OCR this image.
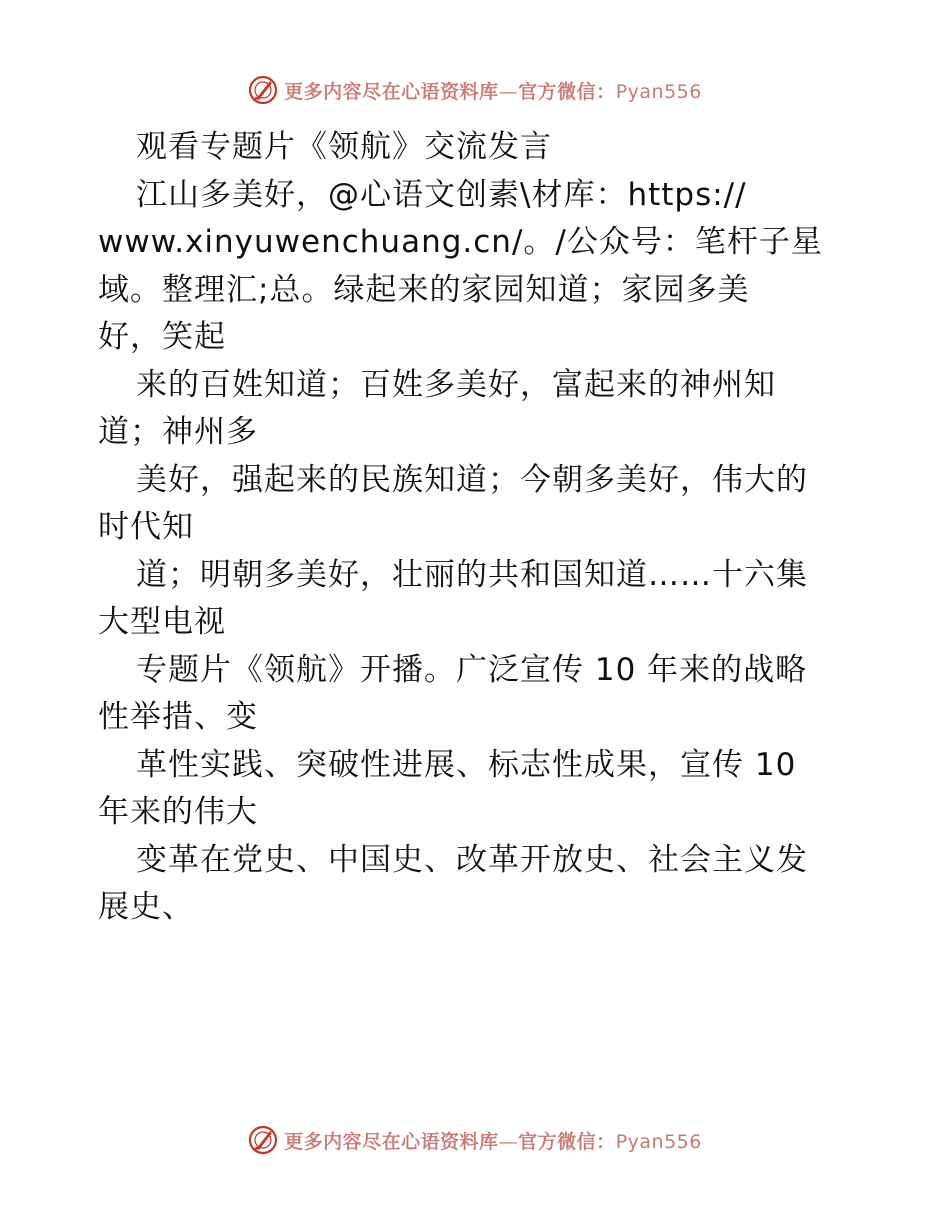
更多内容尽在心语资料库—官方微信：Pyan556
观看专题片《领航》交流发言
江山多美好，@心语文创素\材库：https://
www.xinyuwenchuang.cn/。/公众号：笔杆子星
域。整理汇;总。绿起来的家园知道；家园多美
好，笑起
来的百姓知道；百姓多美好，富起来的神州知
道；神州多
美好，强起来的民族知道；今朝多美好，伟大的
时代知
道；明朝多美好，壮丽的共和国知道……十六集
大型电视
专题片《领航》开播。广泛宣传 10 年来的战略
性举措、变
革性实践、突破性进展、标志性成果，宣传 10
年来的伟大
变革在党史、中国史、改革开放史、社会主义发
展史、
更多内容尽在心语资料库—官方微信：Pyan556
